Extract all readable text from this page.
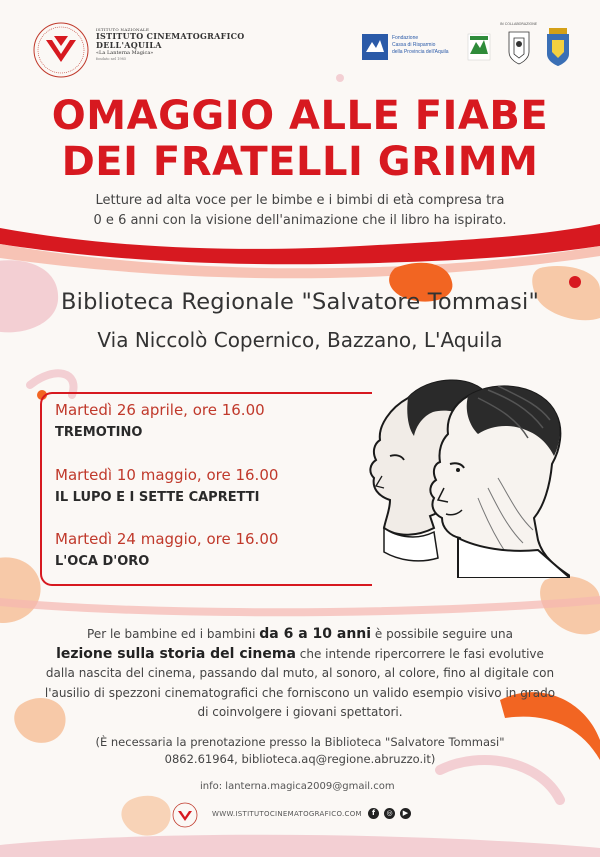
ISTITUTO NAZIONALE
ISTITUTO CINEMATOGRAFICO
DELL'AQUILA
«La Lanterna Magica»
fondato nel 1985
Fondazione
Cassa di Risparmio
della Provincia dell'Aquila
IN COLLABORAZIONE
OMAGGIO ALLE FIABE
DEI FRATELLI GRIMM
Letture ad alta voce per le bimbe e i bimbi di età compresa tra
0 e 6 anni con la visione dell'animazione che il libro ha ispirato.
Biblioteca Regionale "Salvatore Tommasi"
Via Niccolò Copernico, Bazzano, L'Aquila
Martedì 26 aprile, ore 16.00
TREMOTINO
Martedì 10 maggio, ore 16.00
IL LUPO E I SETTE CAPRETTI
Martedì 24 maggio, ore 16.00
L'OCA D'ORO
Per le bambine ed i bambini da 6 a 10 anni è possibile seguire una
lezione sulla storia del cinema che intende ripercorrere le fasi evolutive dalla nascita del cinema, passando dal muto, al sonoro, al colore, fino al digitale con l'ausilio di spezzoni cinematografici che forniscono un valido esempio visivo in grado di coinvolgere i giovani spettatori.
(È necessaria la prenotazione presso la Biblioteca "Salvatore Tommasi"
0862.61964, biblioteca.aq@regione.abruzzo.it)
info: lanterna.magica2009@gmail.com
WWW.ISTITUTOCINEMATOGRAFICO.COM	f	◎	▶
